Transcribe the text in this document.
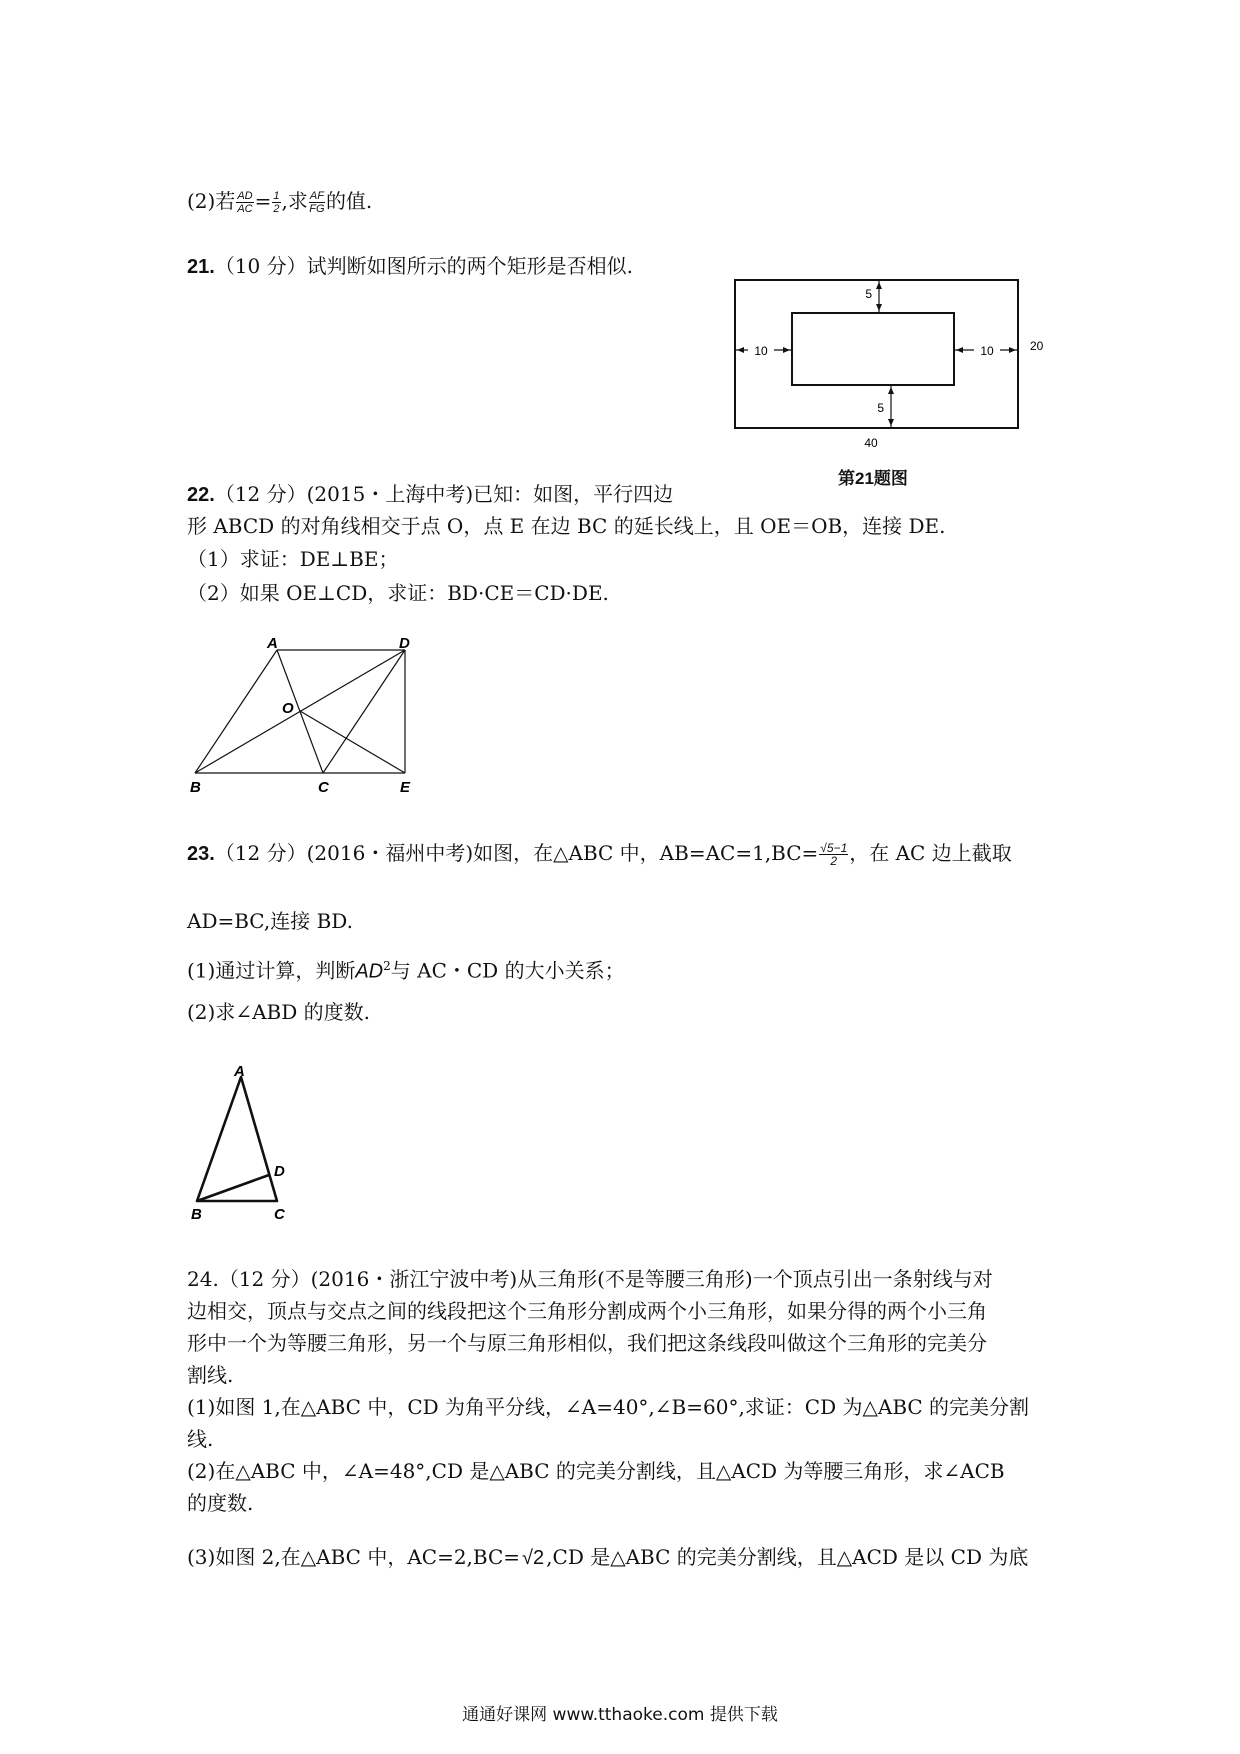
(2)若 $\frac{AD}{AC} = \frac{1}{2}$ ,求 $\frac{AF}{FG}$ 的值.
21.（10 分）试判断如图所示的两个矩形是否相似.
5
10	10	20
5
40
第21题图
22.（12 分）(2015・上海中考)已知：如图，平行四边
形 ABCD 的对角线相交于点 O，点 E 在边 BC 的延长线上，且 OE＝OB，连接 DE.
（1）求证：DE⊥BE；
（2）如果 OE⊥CD，求证：BD·CE＝CD·DE.
A	D
O
B	C	E
23.（12 分）(2016・福州中考)如图，在△ABC 中，$AB=AC=1,BC= \frac{√5-1}{2}$ ，在 AC 边上截取
AD=BC,连接 BD.
(1)通过计算，判断$AD^2$与 AC・CD 的大小关系；
(2)求∠ABD 的度数.
A
D
B	C
24.（12 分）(2016・浙江宁波中考)从三角形(不是等腰三角形)一个顶点引出一条射线与对
边相交，顶点与交点之间的线段把这个三角形分割成两个小三角形，如果分得的两个小三角
形中一个为等腰三角形，另一个与原三角形相似，我们把这条线段叫做这个三角形的完美分
割线.
(1)如图 1,在△ABC 中，CD 为角平分线，∠A=40°,∠B=60°,求证：CD 为△ABC 的完美分割
线.
(2)在△ABC 中，∠A=48°,CD 是△ABC 的完美分割线，且△ACD 为等腰三角形，求∠ACB
的度数.
(3)如图 2,在△ABC 中，AC=2,BC= √2 ,CD 是△ABC 的完美分割线，且△ACD 是以 CD 为底
通通好课网 www.tthaoke.com 提供下载
